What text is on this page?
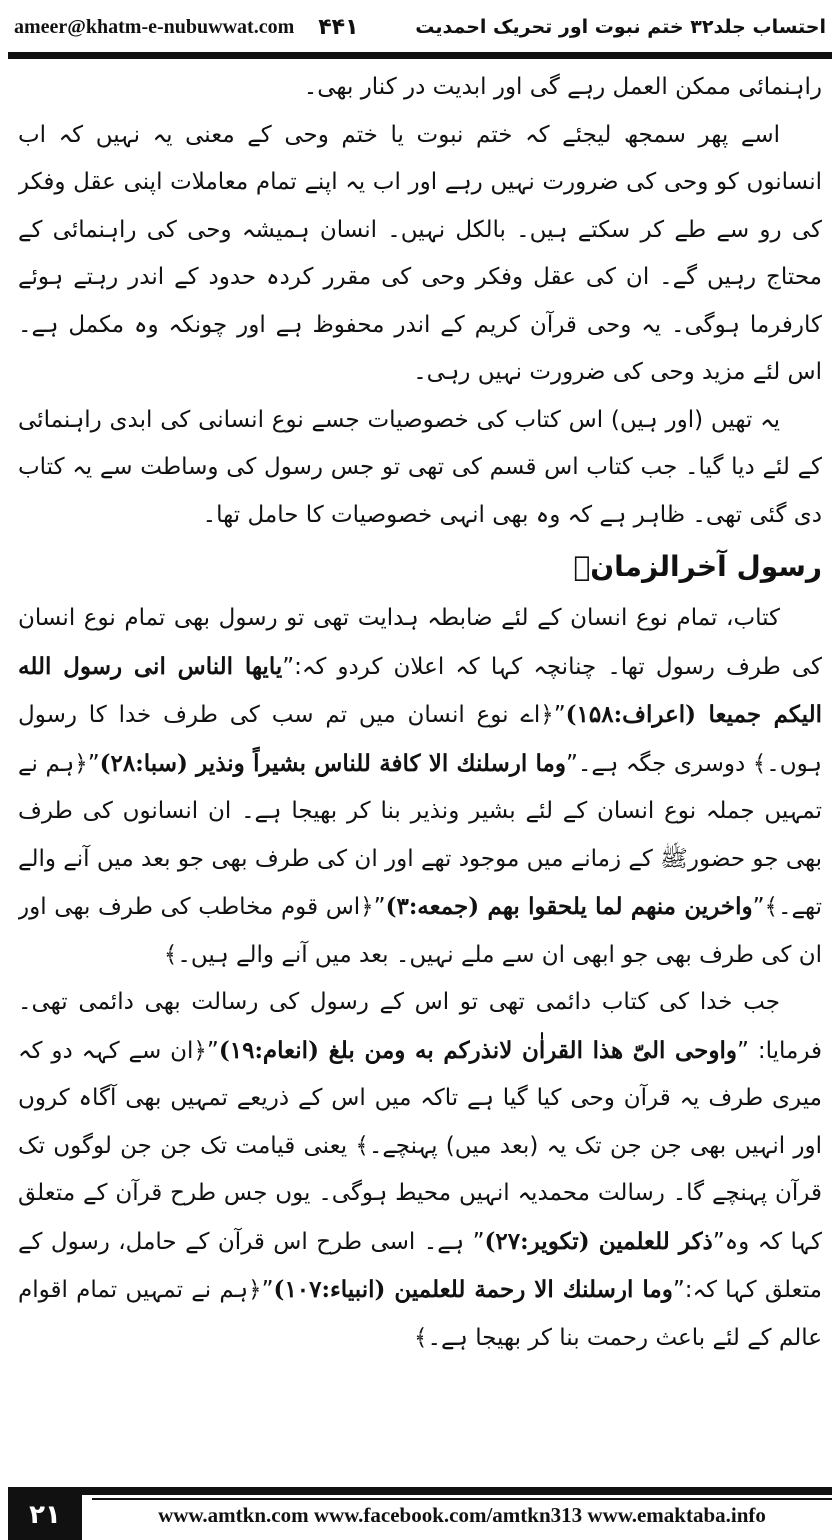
ameer@khatm-e-nubuwwat.com ۴۴۱	احتساب جلد۳۲ ختم نبوت اور تحریک احمدیت

راہنمائی ممکن العمل رہے گی اور ابدیت در کنار بھی۔

اسے پھر سمجھ لیجئے کہ ختم نبوت یا ختم وحی کے معنی یہ نہیں کہ اب انسانوں کو وحی کی ضرورت نہیں رہے اور اب یہ اپنے تمام معاملات اپنی عقل وفکر کی رو سے طے کر سکتے ہیں۔ بالکل نہیں۔ انسان ہمیشہ وحی کی راہنمائی کے محتاج رہیں گے۔ ان کی عقل وفکر وحی کی مقرر کردہ حدود کے اندر رہتے ہوئے کارفرما ہوگی۔ یہ وحی قرآن کریم کے اندر محفوظ ہے اور چونکہ وہ مکمل ہے۔ اس لئے مزید وحی کی ضرورت نہیں رہی۔

یہ تھیں (اور ہیں) اس کتاب کی خصوصیات جسے نوع انسانی کی ابدی راہنمائی کے لئے دیا گیا۔ جب کتاب اس قسم کی تھی تو جس رسول کی وساطت سے یہ کتاب دی گئی تھی۔ ظاہر ہے کہ وہ بھی انہی خصوصیات کا حامل تھا۔

رسول آخرالزمانؐ

کتاب، تمام نوع انسان کے لئے ضابطہ ہدایت تھی تو رسول بھی تمام نوع انسان کی طرف رسول تھا۔ چنانچہ کہا کہ اعلان کردو کہ:”یایها الناس انی رسول الله الیکم جمیعا (اعراف:۱۵۸)”﴿اے نوع انسان میں تم سب کی طرف خدا کا رسول ہوں۔﴾ دوسری جگہ ہے۔”وما ارسلنك الا كافة للناس بشیراً ونذیر (سبا:۲۸)”﴿ہم نے تمہیں جملہ نوع انسان کے لئے بشیر ونذیر بنا کر بھیجا ہے۔ ان انسانوں کی طرف بھی جو حضورﷺ کے زمانے میں موجود تھے اور ان کی طرف بھی جو بعد میں آنے والے تھے۔﴾”واخرین منهم لما یلحقوا بهم (جمعه:۳)”﴿اس قوم مخاطب کی طرف بھی اور ان کی طرف بھی جو ابھی ان سے ملے نہیں۔ بعد میں آنے والے ہیں۔﴾

جب خدا کی کتاب دائمی تھی تو اس کے رسول کی رسالت بھی دائمی تھی۔ فرمایا: ”واوحی الیّ هذا القراٰن لانذرکم به ومن بلغ (انعام:۱۹)”﴿ان سے کہہ دو کہ میری طرف یہ قرآن وحی کیا گیا ہے تاکہ میں اس کے ذریعے تمہیں بھی آگاہ کروں اور انہیں بھی جن جن تک یہ (بعد میں) پہنچے۔﴾ یعنی قیامت تک جن جن لوگوں تک قرآن پہنچے گا۔ رسالت محمدیہ انہیں محیط ہوگی۔ یوں جس طرح قرآن کے متعلق کہا کہ وہ”ذکر للعلمین (تکویر:۲۷)” ہے۔ اسی طرح اس قرآن کے حامل، رسول کے متعلق کہا کہ:”وما ارسلنك الا رحمة للعلمین (انبیاء:۱۰۷)”﴿ہم نے تمہیں تمام اقوام عالم کے لئے باعث رحمت بنا کر بھیجا ہے۔﴾

۲۱	www.amtkn.com www.facebook.com/amtkn313 www.emaktaba.info
